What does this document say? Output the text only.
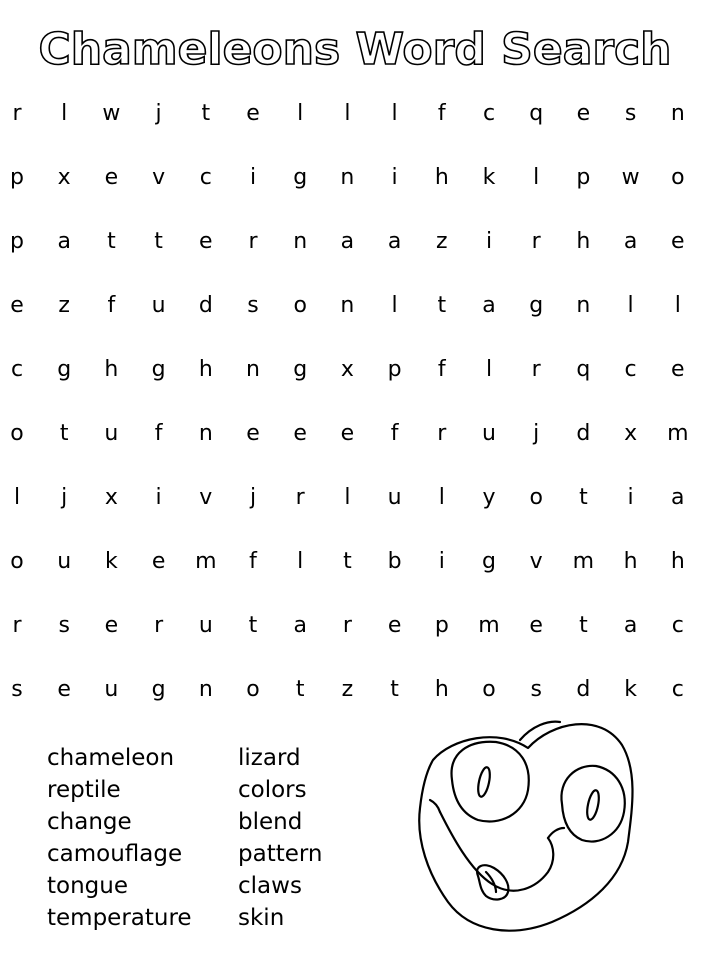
Chameleons Word Search
r	l	w	j	t	e	l	l	l	f	c	q	e	s	n
p	x	e	v	c	i	g	n	i	h	k	l	p	w	o
p	a	t	t	e	r	n	a	a	z	i	r	h	a	e
e	z	f	u	d	s	o	n	l	t	a	g	n	l	l
c	g	h	g	h	n	g	x	p	f	l	r	q	c	e
o	t	u	f	n	e	e	e	f	r	u	j	d	x	m
l	j	x	i	v	j	r	l	u	l	y	o	t	i	a
o	u	k	e	m	f	l	t	b	i	g	v	m	h	h
r	s	e	r	u	t	a	r	e	p	m	e	t	a	c
s	e	u	g	n	o	t	z	t	h	o	s	d	k	c
chameleon
reptile
change
camouflage
tongue
temperature
lizard
colors
blend
pattern
claws
skin
